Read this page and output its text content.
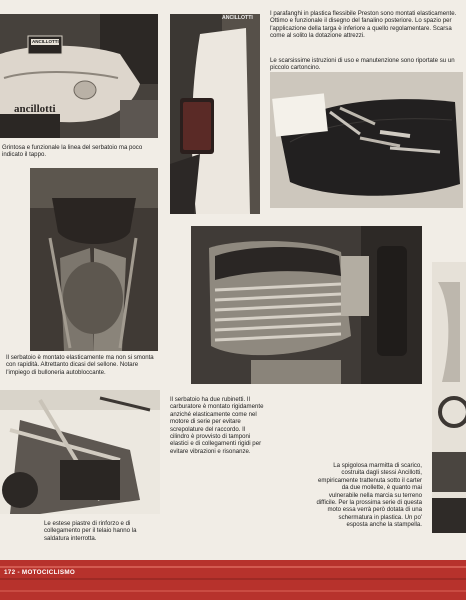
ANCILLOTTI
ancillotti

Grintosa e funzionale la linea del serbatoio ma poco indicato il tappo.

ANCILLOTTI

I parafanghi in plastica flessibile Preston sono montati elasticamente. Ottimo e funzionale il disegno del fanalino posteriore. Lo spazio per l'applicazione della targa è inferiore a quello regolamentare. Scarsa come al solito la dotazione attrezzi.

Le scarsissime istruzioni di uso e manutenzione sono riportate su un piccolo cartoncino.

Il serbatoio è montato elasticamente ma non si smonta con rapidità. Altrettanto dicasi del sellone. Notare l'impiego di bulloneria autobloccante.

Il serbatoio ha due rubinetti. Il carburatore è montato rigidamente anziché elasticamente come nel motore di serie per evitare screpolature del raccordo. Il cilindro è provvisto di tamponi elastici e di collegamenti rigidi per evitare vibrazioni e risonanze.

Le estese piastre di rinforzo e di collegamento per il telaio hanno la saldatura interrotta.

La spigolosa marmitta di scarico, costruita dagli stessi Ancillotti, empiricamente trattenuta sotto il carter da due mollette, è quanto mai vulnerabile nella marcia su terreno difficile. Per la prossima serie di questa moto essa verrà però dotata di una schermatura in plastica. Un po' esposta anche la stampella.

172 - MOTOCICLISMO
